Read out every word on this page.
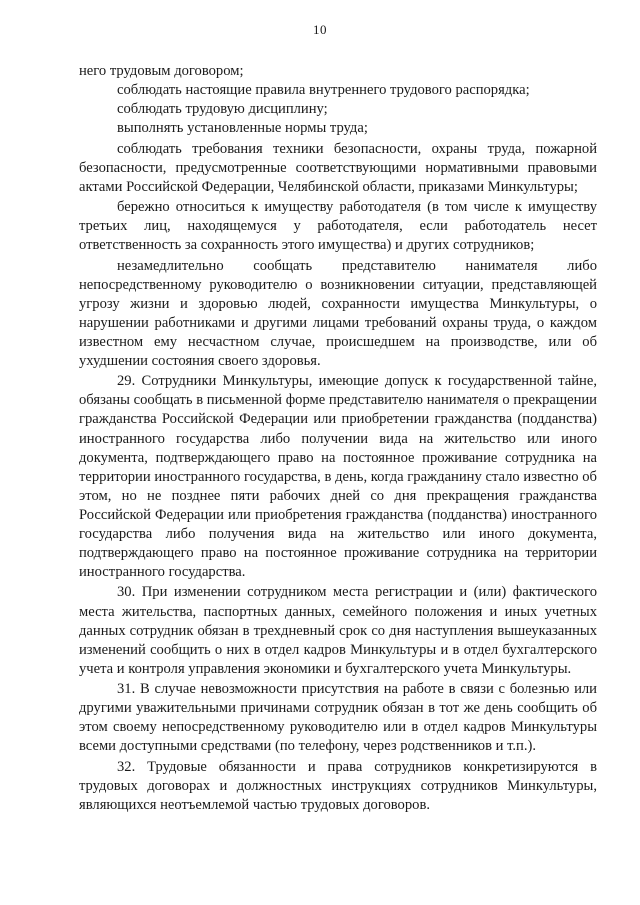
10

него трудовым договором;

соблюдать настоящие правила внутреннего трудового распорядка;

соблюдать трудовую дисциплину;

выполнять установленные нормы труда;

соблюдать требования техники безопасности, охраны труда, пожарной безопасности, предусмотренные соответствующими нормативными правовыми актами Российской Федерации, Челябинской области, приказами Минкультуры;

бережно относиться к имуществу работодателя (в том числе к имуществу третьих лиц, находящемуся у работодателя, если работодатель несет ответственность за сохранность этого имущества) и других сотрудников;

незамедлительно сообщать представителю нанимателя либо непосредственному руководителю о возникновении ситуации, представляющей угрозу жизни и здоровью людей, сохранности имущества Минкультуры, о нарушении работниками и другими лицами требований охраны труда, о каждом известном ему несчастном случае, происшедшем на производстве, или об ухудшении состояния своего здоровья.

29. Сотрудники Минкультуры, имеющие допуск к государственной тайне, обязаны сообщать в письменной форме представителю нанимателя о прекращении гражданства Российской Федерации или приобретении гражданства (подданства) иностранного государства либо получении вида на жительство или иного документа, подтверждающего право на постоянное проживание сотрудника на территории иностранного государства, в день, когда гражданину стало известно об этом, но не позднее пяти рабочих дней со дня прекращения гражданства Российской Федерации или приобретения гражданства (подданства) иностранного государства либо получения вида на жительство или иного документа, подтверждающего право на постоянное проживание сотрудника на территории иностранного государства.

30. При изменении сотрудником места регистрации и (или) фактического места жительства, паспортных данных, семейного положения и иных учетных данных сотрудник обязан в трехдневный срок со дня наступления вышеуказанных изменений сообщить о них в отдел кадров Минкультуры и в отдел бухгалтерского учета и контроля управления экономики и бухгалтерского учета Минкультуры.

31. В случае невозможности присутствия на работе в связи с болезнью или другими уважительными причинами сотрудник обязан в тот же день сообщить об этом своему непосредственному руководителю или в отдел кадров Минкультуры всеми доступными средствами (по телефону, через родственников и т.п.).

32. Трудовые обязанности и права сотрудников конкретизируются в трудовых договорах и должностных инструкциях сотрудников Минкультуры, являющихся неотъемлемой частью трудовых договоров.
